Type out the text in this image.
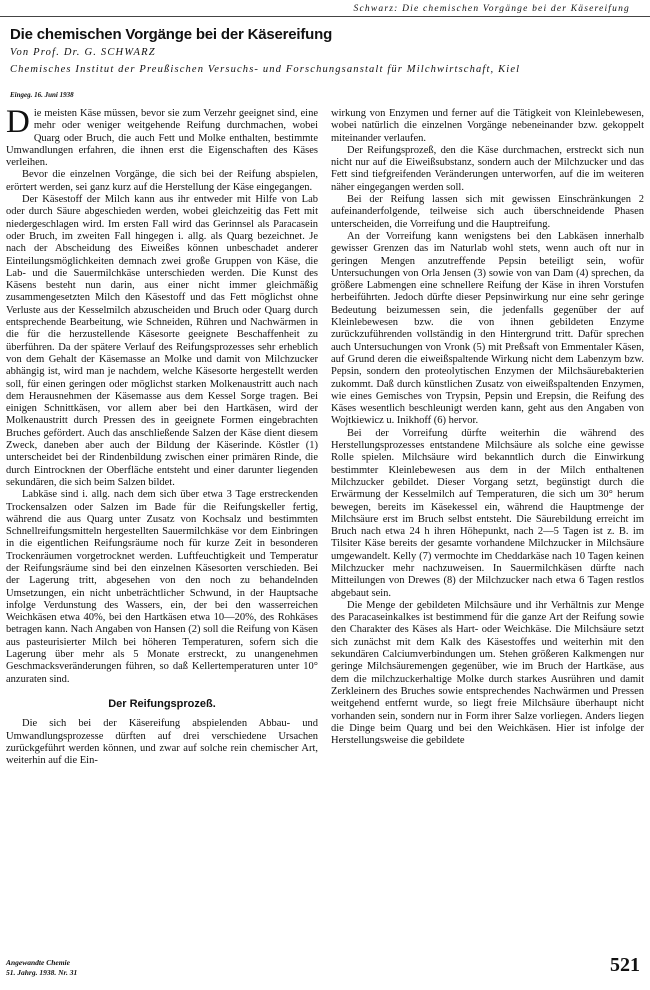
Schwarz: Die chemischen Vorgänge bei der Käsereifung
Die chemischen Vorgänge bei der Käsereifung
Von Prof. Dr. G. SCHWARZ
Chemisches Institut der Preußischen Versuchs- und Forschungsanstalt für Milchwirtschaft, Kiel
Eingeg. 16. Juni 1938

Die meisten Käse müssen, bevor sie zum Verzehr geeignet sind, eine mehr oder weniger weitgehende Reifung durchmachen, wobei Quarg oder Bruch, die auch Fett und Molke enthalten, bestimmte Umwandlungen erfahren, die ihnen erst die Eigenschaften des Käses verleihen.

Bevor die einzelnen Vorgänge, die sich bei der Reifung abspielen, erörtert werden, sei ganz kurz auf die Herstellung der Käse eingegangen.

Der Käsestoff der Milch kann aus ihr entweder mit Hilfe von Lab oder durch Säure abgeschieden werden, wobei gleichzeitig das Fett mit niedergeschlagen wird. Im ersten Fall wird das Gerinnsel als Paracasein oder Bruch, im zweiten Fall hingegen i. allg. als Quarg bezeichnet. Je nach der Abscheidung des Eiweißes können unbeschadet anderer Einteilungsmöglichkeiten demnach zwei große Gruppen von Käse, die Lab- und die Sauermilchkäse unterschieden werden. Die Kunst des Käsens besteht nun darin, aus einer nicht immer gleichmäßig zusammengesetzten Milch den Käsestoff und das Fett möglichst ohne Verluste aus der Kesselmilch abzuscheiden und Bruch oder Quarg durch entsprechende Bearbeitung, wie Schneiden, Rühren und Nachwärmen in die für die herzustellende Käsesorte geeignete Beschaffenheit zu überführen. Da der spätere Verlauf des Reifungsprozesses sehr erheblich von dem Gehalt der Käsemasse an Molke und damit von Milchzucker abhängig ist, wird man je nachdem, welche Käsesorte hergestellt werden soll, für einen geringen oder möglichst starken Molkenaustritt auch nach dem Herausnehmen der Käsemasse aus dem Kessel Sorge tragen. Bei einigen Schnittkäsen, vor allem aber bei den Hartkäsen, wird der Molkenaustritt durch Pressen des in geeignete Formen eingebrachten Bruches gefördert. Auch das anschließende Salzen der Käse dient diesem Zweck, daneben aber auch der Bildung der Käserinde. Köstler (1) unterscheidet bei der Rindenbildung zwischen einer primären Rinde, die durch Eintrocknen der Oberfläche entsteht und einer darunter liegenden sekundären, die sich beim Salzen bildet.

Labkäse sind i. allg. nach dem sich über etwa 3 Tage erstreckenden Trockensalzen oder Salzen im Bade für die Reifungskeller fertig, während die aus Quarg unter Zusatz von Kochsalz und bestimmten Schnellreifungsmitteln hergestellten Sauermilchkäse vor dem Einbringen in die eigentlichen Reifungsräume noch für kurze Zeit in besonderen Trockenräumen vorgetrocknet werden. Luftfeuchtigkeit und Temperatur der Reifungsräume sind bei den einzelnen Käsesorten verschieden. Bei der Lagerung tritt, abgesehen von den noch zu behandelnden Umsetzungen, ein nicht unbeträchtlicher Schwund, in der Hauptsache infolge Verdunstung des Wassers, ein, der bei den wasserreichen Weichkäsen etwa 40%, bei den Hartkäsen etwa 10—20%, des Rohkäses betragen kann. Nach Angaben von Hansen (2) soll die Reifung von Käsen aus pasteurisierter Milch bei höheren Temperaturen, sofern sich die Lagerung über mehr als 5 Monate erstreckt, zu unangenehmen Geschmacksveränderungen führen, so daß Kellertemperaturen unter 10° anzuraten sind.

Der Reifungsprozeß.

Die sich bei der Käsereifung abspielenden Abbau- und Umwandlungsprozesse dürften auf drei verschiedene Ursachen zurückgeführt werden können, und zwar auf solche rein chemischer Art, weiterhin auf die Ein-

wirkung von Enzymen und ferner auf die Tätigkeit von Kleinlebewesen, wobei natürlich die einzelnen Vorgänge nebeneinander bzw. gekoppelt miteinander verlaufen.

Der Reifungsprozeß, den die Käse durchmachen, erstreckt sich nun nicht nur auf die Eiweißsubstanz, sondern auch der Milchzucker und das Fett sind tiefgreifenden Veränderungen unterworfen, auf die im weiteren näher eingegangen werden soll.

Bei der Reifung lassen sich mit gewissen Einschränkungen 2 aufeinanderfolgende, teilweise sich auch überschneidende Phasen unterscheiden, die Vorreifung und die Hauptreifung.

An der Vorreifung kann wenigstens bei den Labkäsen innerhalb gewisser Grenzen das im Naturlab wohl stets, wenn auch oft nur in geringen Mengen anzutreffende Pepsin beteiligt sein, wofür Untersuchungen von Orla Jensen (3) sowie von van Dam (4) sprechen, da größere Labmengen eine schnellere Reifung der Käse in ihren Vorstufen herbeiführten. Jedoch dürfte dieser Pepsinwirkung nur eine sehr geringe Bedeutung beizumessen sein, die jedenfalls gegenüber der auf Kleinlebewesen bzw. die von ihnen gebildeten Enzyme zurückzuführenden vollständig in den Hintergrund tritt. Dafür sprechen auch Untersuchungen von Vronk (5) mit Preßsaft von Emmentaler Käsen, auf Grund deren die eiweißspaltende Wirkung nicht dem Labenzym bzw. Pepsin, sondern den proteolytischen Enzymen der Milchsäurebakterien zukommt. Daß durch künstlichen Zusatz von eiweißspaltenden Enzymen, wie eines Gemisches von Trypsin, Pepsin und Erepsin, die Reifung des Käses wesentlich beschleunigt werden kann, geht aus den Angaben von Wojtkiewicz u. Inikhoff (6) hervor.

Bei der Vorreifung dürfte weiterhin die während des Herstellungsprozesses entstandene Milchsäure als solche eine gewisse Rolle spielen. Milchsäure wird bekanntlich durch die Einwirkung bestimmter Kleinlebewesen aus dem in der Milch enthaltenen Milchzucker gebildet. Dieser Vorgang setzt, begünstigt durch die Erwärmung der Kesselmilch auf Temperaturen, die sich um 30° herum bewegen, bereits im Käsekessel ein, während die Hauptmenge der Milchsäure erst im Bruch selbst entsteht. Die Säurebildung erreicht im Bruch nach etwa 24 h ihren Höhepunkt, nach 2—5 Tagen ist z. B. im Tilsiter Käse bereits der gesamte vorhandene Milchzucker in Milchsäure umgewandelt. Kelly (7) vermochte im Cheddarkäse nach 10 Tagen keinen Milchzucker mehr nachzuweisen. In Sauermilchkäsen dürfte nach Mitteilungen von Drewes (8) der Milchzucker nach etwa 6 Tagen restlos abgebaut sein.

Die Menge der gebildeten Milchsäure und ihr Verhältnis zur Menge des Paracaseinkalkes ist bestimmend für die ganze Art der Reifung sowie den Charakter des Käses als Hart- oder Weichkäse. Die Milchsäure setzt sich zunächst mit dem Kalk des Käsestoffes und weiterhin mit den sekundären Calciumverbindungen um. Stehen größeren Kalkmengen nur geringe Milchsäuremengen gegenüber, wie im Bruch der Hartkäse, aus dem die milchzuckerhaltige Molke durch starkes Ausrühren und damit Zerkleinern des Bruches sowie entsprechendes Nachwärmen und Pressen weitgehend entfernt wurde, so liegt freie Milchsäure überhaupt nicht vorhanden sein, sondern nur in Form ihrer Salze vorliegen. Anders liegen die Dinge beim Quarg und bei den Weichkäsen. Hier ist infolge der Herstellungsweise die gebildete

Angewandte Chemie
51. Jahrg. 1938. Nr. 31	521
